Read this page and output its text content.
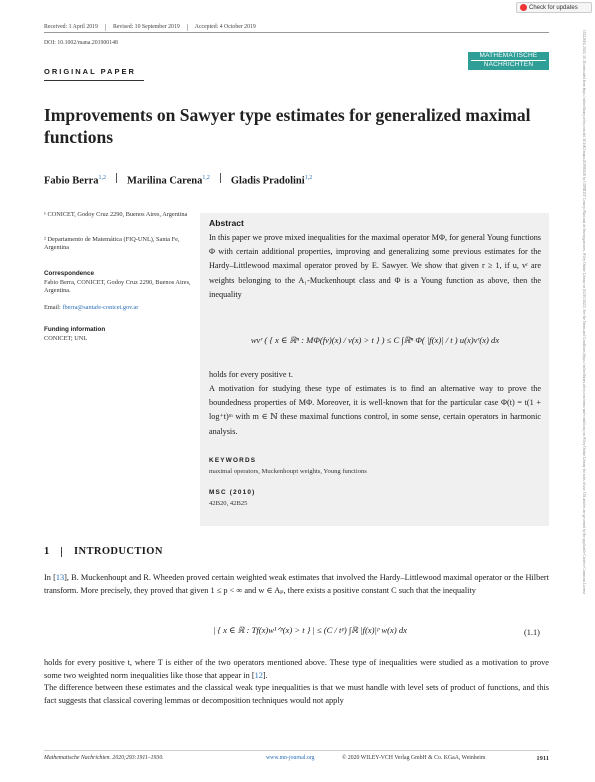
Check for updates
15222616, 2020, 10, Downloaded from https://onlinelibrary.wiley.com/doi/10.1002/mana.201900148 by CONICET Consejo Nacional de Investigaciones, Wiley Online Library on [04/10/2022]. See the Terms and Conditions (https://onlinelibrary.wiley.com/terms-and-conditions) on Wiley Online Library for rules of use; OA articles are governed by the applicable Creative Commons License
Received: 1 April 2019	Revised: 10 September 2019	Accepted: 4 October 2019
DOI: 10.1002/mana.201900148
ORIGINAL PAPER
MATHEMATISCHE
NACHRICHTEN
Improvements on Sawyer type estimates for generalized maximal functions
Fabio Berra$^{1,2}$ Marilina Carena$^{1,2}$ Gladis Pradolini$^{1,2}$
¹ CONICET, Godoy Cruz 2290, Buenos Aires, Argentina
² Departamento de Matemática (FIQ-UNL), Santa Fe, Argentina
Correspondence
Fabio Berra, CONICET, Godoy Cruz 2290, Buenos Aires, Argentina.
Email: fberra@santafe-conicet.gov.ar
Funding information
CONICET; UNL
Abstract
In this paper we prove mixed inequalities for the maximal operator MΦ, for general Young functions Φ with certain additional properties, improving and generalizing some previous estimates for the Hardy–Littlewood maximal operator proved by E. Sawyer. We show that given r ≥ 1, if u, vʳ are weights belonging to the A₁-Muckenhoupt class and Φ is a Young function as above, then the inequality
wvʳ ( { x ∈ ℝⁿ : MΦ(fv)(x) / v(x) > t } ) ≤ C ∫ℝⁿ Φ( |f(x)| / t ) u(x)vʳ(x) dx
holds for every positive t.
A motivation for studying these type of estimates is to find an alternative way to prove the boundedness properties of MΦ. Moreover, it is well-known that for the particular case Φ(t) = t(1 + log⁺t)ᵐ with m ∈ ℕ these maximal functions control, in some sense, certain operators in harmonic analysis.
KEYWORDS
maximal operators, Muckenhoupt weights, Young functions
MSC (2010)
42B20, 42B25
1 INTRODUCTION
In [13], B. Muckenhoupt and R. Wheeden proved certain weighted weak estimates that involved the Hardy–Littlewood maximal operator or the Hilbert transform. More precisely, they proved that given 1 ≤ p < ∞ and w ∈ Aₚ, there exists a positive constant C such that the inequality
| { x ∈ ℝ : Tf(x)w¹ᐟᵖ(x) > t } | ≤ (C / tᵖ) ∫ℝ |f(x)|ᵖ w(x) dx	(1.1)
holds for every positive t, where T is either of the two operators mentioned above. These type of inequalities were studied as a motivation to prove some two weighted norm inequalities like those that appear in [12].
The difference between these estimates and the classical weak type inequalities is that we must handle with level sets of product of functions, and this fact suggests that classical covering lemmas or decomposition techniques would not apply
Mathematische Nachrichten. 2020;293:1911–1930.	www.mn-journal.org	© 2020 WILEY-VCH Verlag GmbH & Co. KGaA, Weinheim	1911
